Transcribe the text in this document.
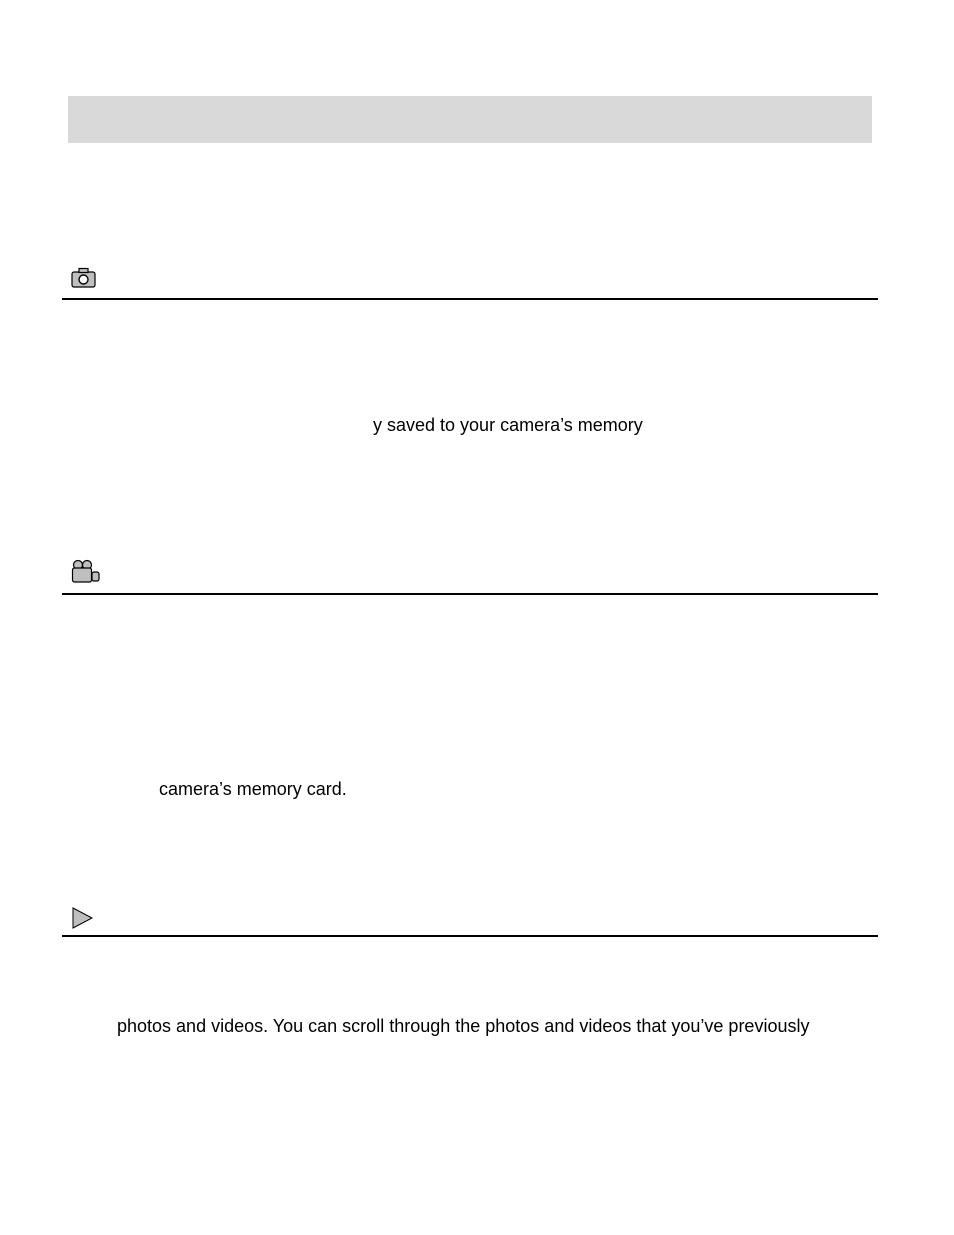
y saved to your camera’s memory
camera’s memory card.
photos and videos. You can scroll through the photos and videos that you’ve previously
